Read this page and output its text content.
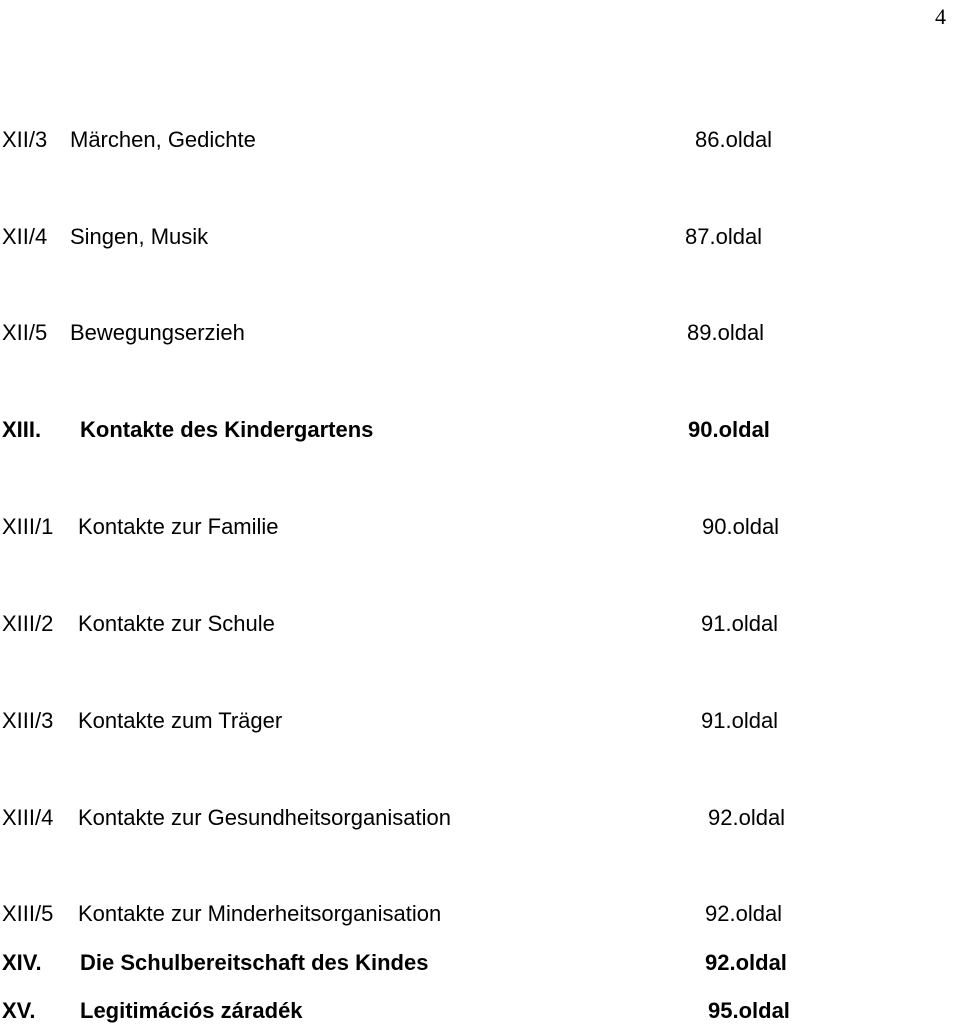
4
XII/3 Märchen, Gedichte	86.oldal
XII/4 Singen, Musik	87.oldal
XII/5 Bewegungserzieh	89.oldal
XIII. Kontakte des Kindergartens	90.oldal
XIII/1 Kontakte zur Familie	90.oldal
XIII/2 Kontakte zur Schule	91.oldal
XIII/3 Kontakte zum Träger	91.oldal
XIII/4 Kontakte zur Gesundheitsorganisation	92.oldal
XIII/5 Kontakte zur Minderheitsorganisation	92.oldal
XIV. Die Schulbereitschaft des Kindes	92.oldal
XV. Legitimációs záradék	95.oldal
